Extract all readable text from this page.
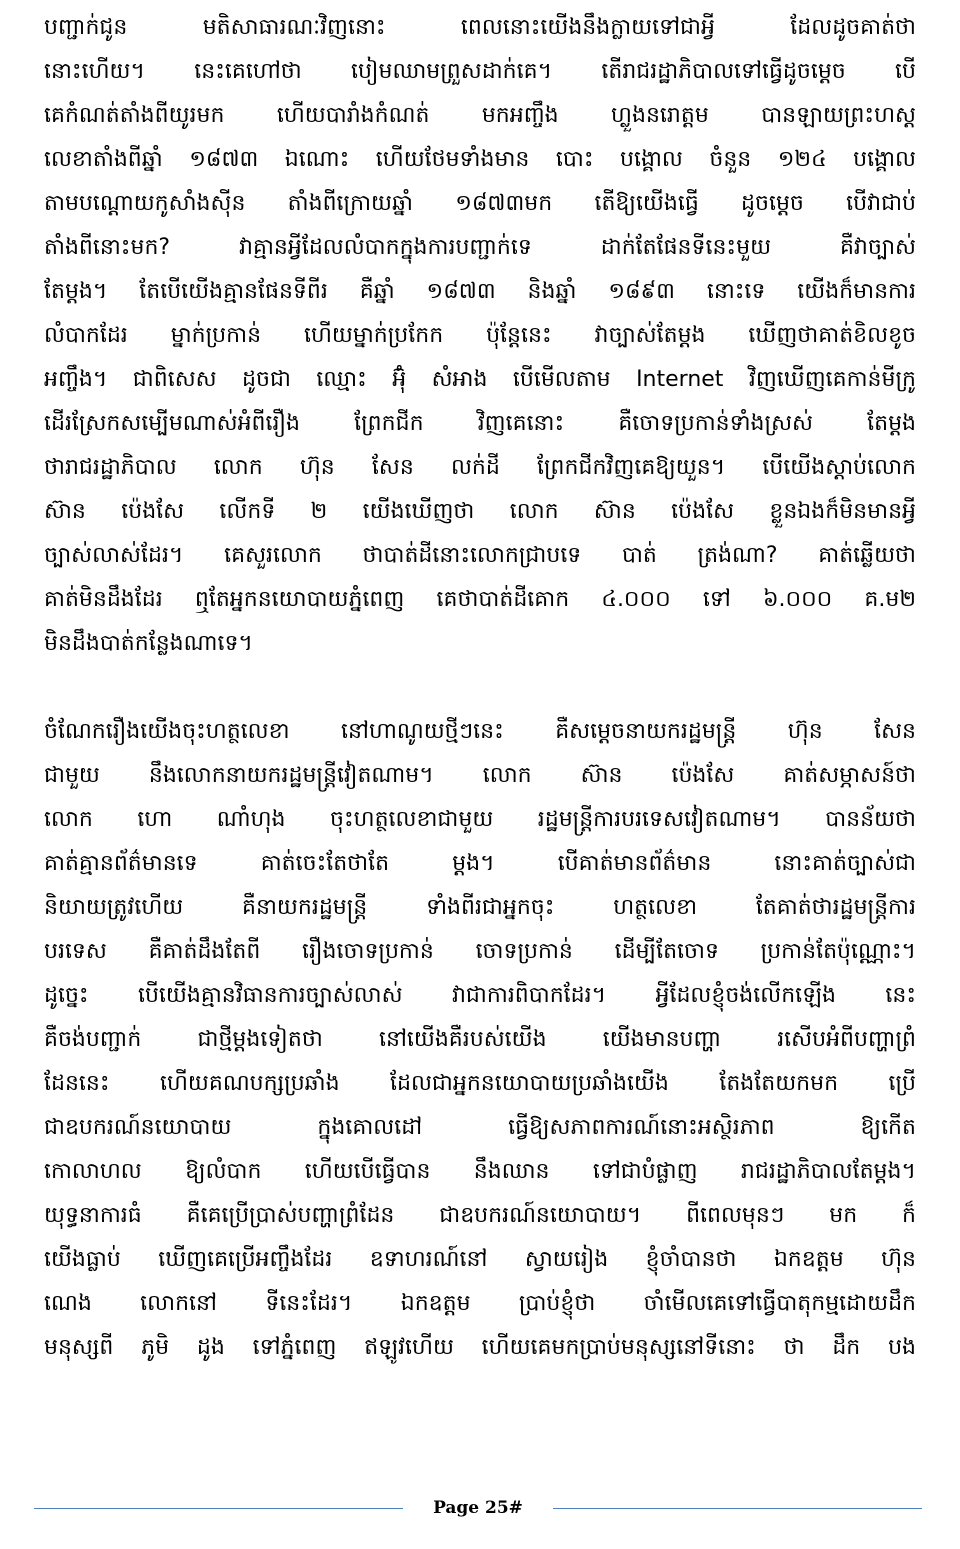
បញ្ជាក់ជូន មតិសាធារណៈវិញនោះ ពេលនោះយើងនឹងក្លាយទៅជាអ្វី ដែលដូចគាត់ថា
នោះហើយ។ នេះគេហៅថា បៀមឈាមព្រួសដាក់គេ។ តើរាជរដ្ឋាភិបាលទៅធ្វើដូចម្ដេច បើ
គេកំណត់តាំងពីយូរមក ហើយបារាំងកំណត់ មកអញ្ចឹង ហ្លួងនរោត្តម បានឡាយព្រះហស្ត
លេខាតាំងពីឆ្នាំ ១៨៧៣ ឯណោះ ហើយថែមទាំងមាន បោះ បង្គោល ចំនួន ១២៤ បង្គោល
តាមបណ្ដោយកូសាំងស៊ីន តាំងពីក្រោយឆ្នាំ ១៨៧៣មក តើឱ្យយើងធ្វើ ដូចម្ដេច បើវាជាប់
តាំងពីនោះមក? វាគ្មានអ្វីដែលលំបាកក្នុងការបញ្ជាក់ទេ ដាក់តែផែនទីនេះមួយ គឺវាច្បាស់
តែម្ដង។ តែបើយើងគ្មានផែនទីពីរ គឺឆ្នាំ ១៨៧៣ និងឆ្នាំ ១៨៩៣ នោះទេ យើងក៏មានការ
លំបាកដែរ ម្នាក់ប្រកាន់ ហើយម្នាក់ប្រកែក ប៉ុន្តែនេះ វាច្បាស់តែម្ដង ឃើញថាគាត់ខិលខូច
អញ្ចឹង។ ជាពិសេស ដូចជា ឈ្មោះ អ៊ុំ សំអាង បើមើលតាម Internet វិញឃើញគេកាន់មីក្រូ
ដើរស្រែកសម្បើមណាស់អំពីរឿង ព្រែកជីក វិញគេនោះ គឺចោទប្រកាន់ទាំងស្រស់ តែម្ដង
ថារាជរដ្ឋាភិបាល លោក ហ៊ុន សែន លក់ដី ព្រែកជីកវិញគេឱ្យយួន។ បើយើងស្ដាប់លោក
ស៊ាន ប៉េងសែ លើកទី ២ យើងឃើញថា លោក ស៊ាន ប៉េងសែ ខ្លួនឯងក៏មិនមានអ្វី
ច្បាស់លាស់ដែរ។ គេសួរលោក ថាបាត់ដីនោះលោកជ្រាបទេ បាត់ ត្រង់ណា? គាត់ឆ្លើយថា
គាត់មិនដឹងដែរ ឮតែអ្នកនយោបាយភ្នំពេញ គេថាបាត់ដីគោក ៤.០០០ ទៅ ៦.០០០ គ.ម២
មិនដឹងបាត់កន្លែងណាទេ។
ចំណែករឿងយើងចុះហត្ថលេខា នៅហាណូយថ្មីៗនេះ គឺសម្ដេចនាយករដ្ឋមន្ត្រី ហ៊ុន សែន
ជាមួយ នឹងលោកនាយករដ្ឋមន្ត្រីវៀតណាម។ លោក ស៊ាន ប៉េងសែ គាត់សម្ភាសន៍ថា
លោក ហោ ណាំហុង ចុះហត្ថលេខាជាមួយ រដ្ឋមន្ត្រីការបរទេសវៀតណាម។ បានន័យថា
គាត់គ្មានព័ត៌មានទេ គាត់ចេះតែថាតែ ម្ដង។ បើគាត់មានព័ត៌មាន នោះគាត់ច្បាស់ជា
និយាយត្រូវហើយ គឺនាយករដ្ឋមន្ត្រី ទាំងពីរជាអ្នកចុះ ហត្ថលេខា តែគាត់ថារដ្ឋមន្ត្រីការ
បរទេស គឺគាត់ដឹងតែពី រឿងចោទប្រកាន់ ចោទប្រកាន់ ដើម្បីតែចោទ ប្រកាន់តែប៉ុណ្ណោះ។
ដូច្នេះ បើយើងគ្មានវិធានការច្បាស់លាស់ វាជាការពិបាកដែរ។ អ្វីដែលខ្ញុំចង់លើកឡើង នេះ
គឺចង់បញ្ជាក់ ជាថ្មីម្ដងទៀតថា នៅយើងគឺរបស់យើង យើងមានបញ្ហា រសើបអំពីបញ្ហាព្រំ
ដែននេះ ហើយគណបក្សប្រឆាំង ដែលជាអ្នកនយោបាយប្រឆាំងយើង តែងតែយកមក ប្រើ
ជាឧបករណ៍នយោបាយ ក្នុងគោលដៅ ធ្វើឱ្យសភាពការណ៍នោះអស្ថិរភាព ឱ្យកើត
កោលាហល ឱ្យលំបាក ហើយបើធ្វើបាន នឹងឈាន ទៅជាបំផ្លាញ រាជរដ្ឋាភិបាលតែម្ដង។
យុទ្ធនាការធំ គឺគេប្រើប្រាស់បញ្ហាព្រំដែន ជាឧបករណ៍នយោបាយ។ ពីពេលមុនៗ មក ក៏
យើងធ្លាប់ ឃើញគេប្រើអញ្ចឹងដែរ ឧទាហរណ៍នៅ ស្វាយរៀង ខ្ញុំចាំបានថា ឯកឧត្ដម ហ៊ុន
ណេង លោកនៅ ទីនេះដែរ។ ឯកឧត្ដម ប្រាប់ខ្ញុំថា ចាំមើលគេទៅធ្វើបាតុកម្មដោយដឹក
មនុស្សពី ភូមិ ដូង ទៅភ្នំពេញ ឥឡូវហើយ ហើយគេមកប្រាប់មនុស្សនៅទីនោះ ថា ដឹក បង
Page 25#
